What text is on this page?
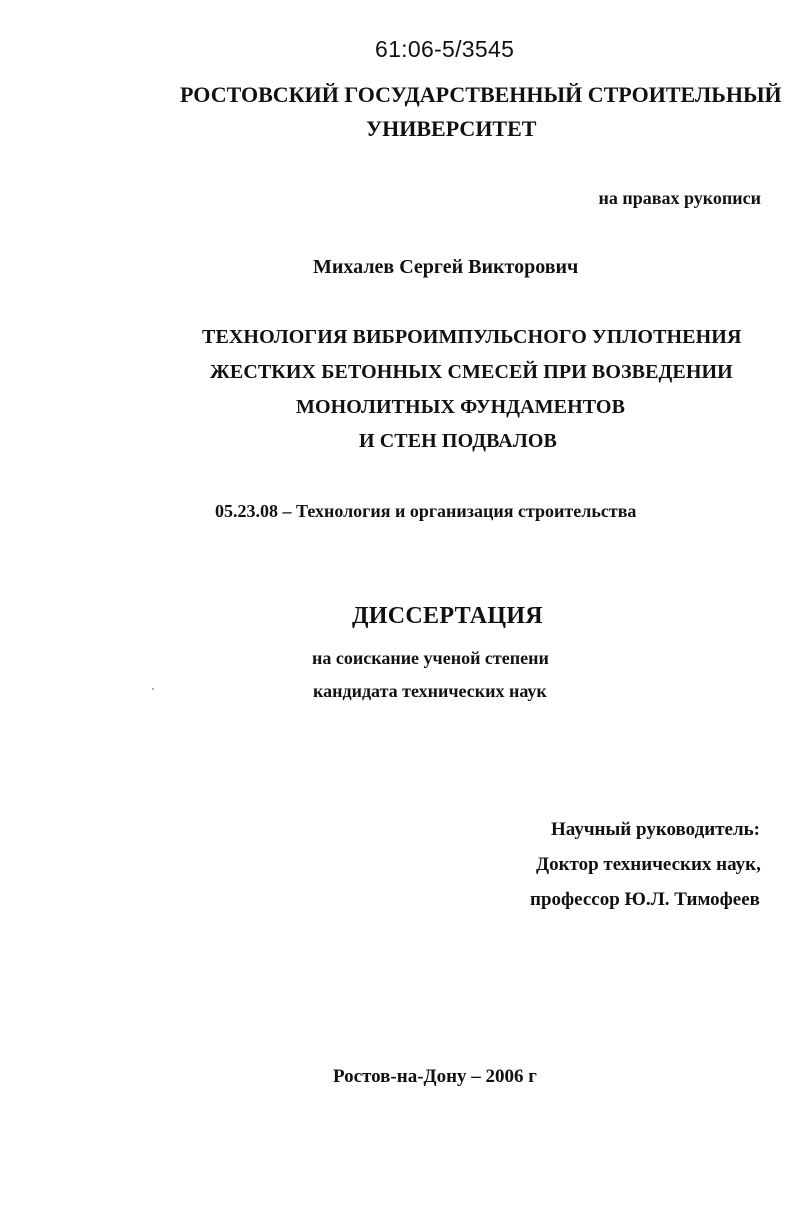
61:06-5/3545
РОСТОВСКИЙ ГОСУДАРСТВЕННЫЙ СТРОИТЕЛЬНЫЙ
УНИВЕРСИТЕТ
на правах рукописи
Михалев Сергей Викторович
ТЕХНОЛОГИЯ ВИБРОИМПУЛЬСНОГО УПЛОТНЕНИЯ
ЖЕСТКИХ БЕТОННЫХ СМЕСЕЙ ПРИ ВОЗВЕДЕНИИ
МОНОЛИТНЫХ ФУНДАМЕНТОВ
И СТЕН ПОДВАЛОВ
05.23.08 – Технология и организация строительства
ДИССЕРТАЦИЯ
на соискание ученой степени
кандидата технических наук
Научный руководитель:
Доктор технических наук,
профессор Ю.Л. Тимофеев
Ростов-на-Дону – 2006 г
